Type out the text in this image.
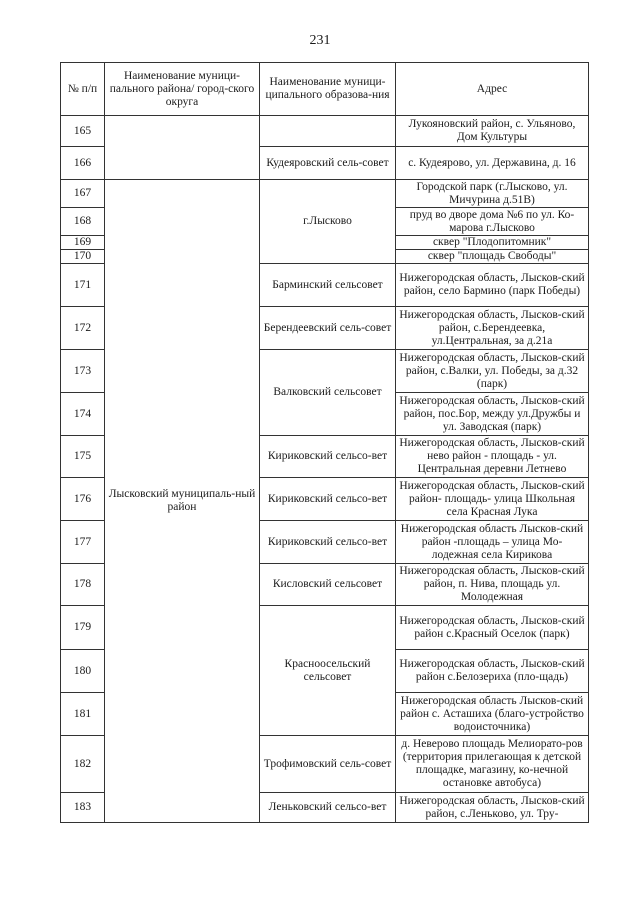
231
№ п/п	Наименование муници-пального района/ город-ского округа	Наименование муници-ципального образова-ния	Адрес
165			Лукояновский район, с. Ульяново, Дом Культуры
166		Кудеяровский сель-совет	с. Кудеярово, ул. Державина, д. 16
167	Лысковский муниципаль-ный район	г.Лысково	Городской парк (г.Лысково, ул. Мичурина д.51В)
168			пруд во дворе дома №6 по ул. Ко-марова г.Лысково
169			сквер "Плодопитомник"
170			сквер "площадь Свободы"
171		Барминский сельсовет	Нижегородская область, Лысков-ский район, село Бармино (парк Победы)
172		Берендеевский сель-совет	Нижегородская область, Лысков-ский район, с.Берендеевка, ул.Центральная, за д.21а
173		Валковский сельсовет	Нижегородская область, Лысков-ский район, с.Валки, ул. Победы, за д.32 (парк)
174			Нижегородская область, Лысков-ский район, пос.Бор, между ул.Дружбы и ул. Заводская (парк)
175		Кириковский сельсо-вет	Нижегородская область, Лысков-ский нево район - площадь - ул. Центральная деревни Летнево
176		Кириковский сельсо-вет	Нижегородская область, Лысков-ский район- площадь- улица Школьная села Красная Лука
177		Кириковский сельсо-вет	Нижегородская область Лысков-ский район -площадь – улица Мо-лодежная села Кирикова
178		Кисловский сельсовет	Нижегородская область, Лысков-ский район, п. Нива, площадь ул. Молодежная
179		Красноосельский сельсовет	Нижегородская область, Лысков-ский район с.Красный Оселок (парк)
180			Нижегородская область, Лысков-ский район с.Белозериха (пло-щадь)
181			Нижегородская область Лысков-ский район с. Асташиха (благо-устройство водоисточника)
182		Трофимовский сель-совет	д. Неверово площадь Мелиорато-ров (территория прилегающая к детской площадке, магазину, ко-нечной остановке автобуса)
183		Леньковский сельсо-вет	Нижегородская область, Лысков-ский район, с.Леньково, ул. Тру-
